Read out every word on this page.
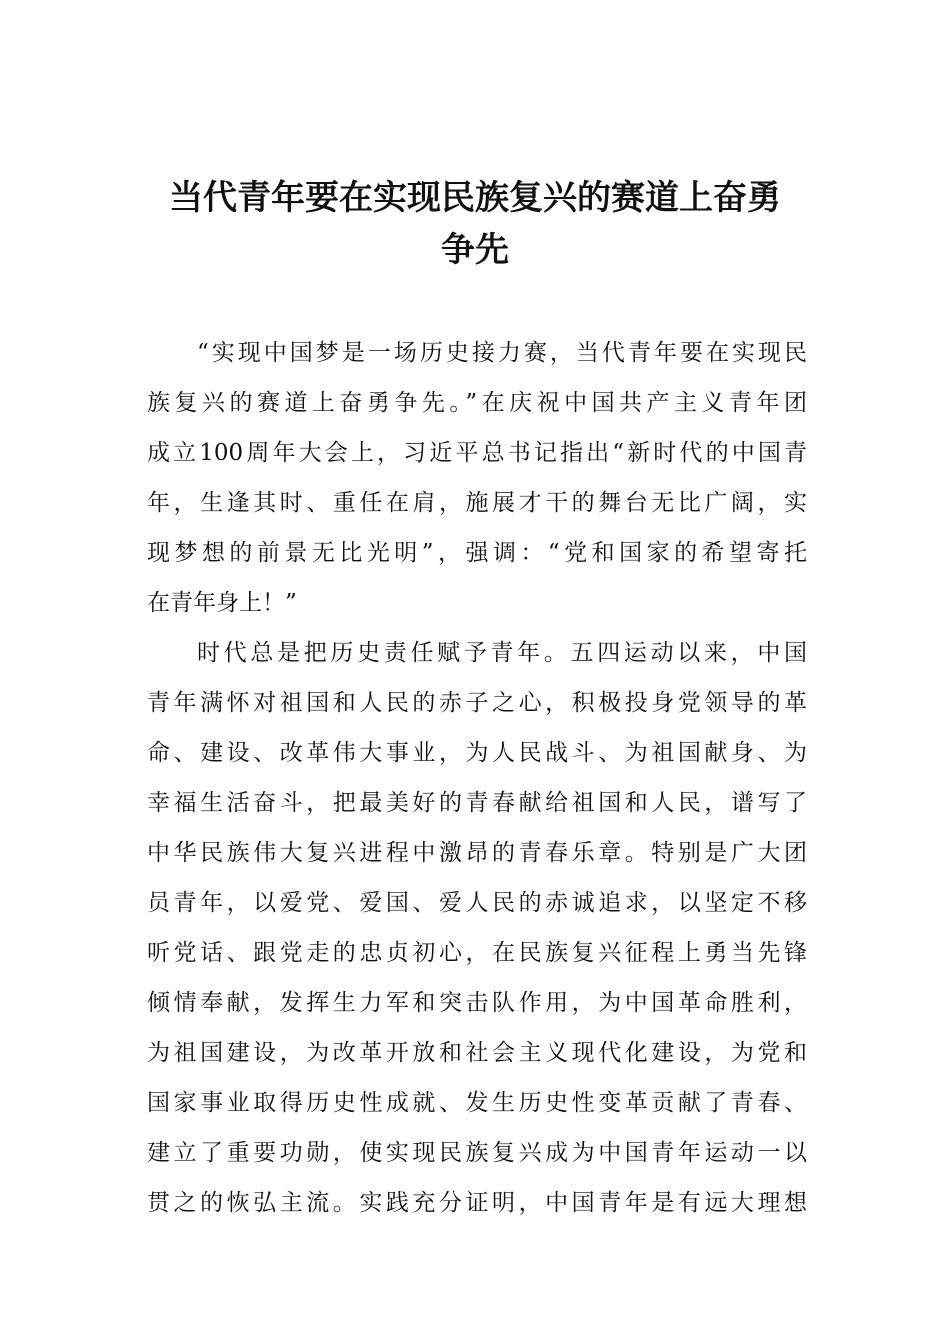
当代青年要在实现民族复兴的赛道上奋勇
争先
“实现中国梦是一场历史接力赛，当代青年要在实现民
族复兴的赛道上奋勇争先。”在庆祝中国共产主义青年团
成立100周年大会上，习近平总书记指出“新时代的中国青
年，生逢其时、重任在肩，施展才干的舞台无比广阔，实
现梦想的前景无比光明”，强调：“党和国家的希望寄托
在青年身上！”
时代总是把历史责任赋予青年。五四运动以来，中国
青年满怀对祖国和人民的赤子之心，积极投身党领导的革
命、建设、改革伟大事业，为人民战斗、为祖国献身、为
幸福生活奋斗，把最美好的青春献给祖国和人民，谱写了
中华民族伟大复兴进程中激昂的青春乐章。特别是广大团
员青年，以爱党、爱国、爱人民的赤诚追求，以坚定不移
听党话、跟党走的忠贞初心，在民族复兴征程上勇当先锋
倾情奉献，发挥生力军和突击队作用，为中国革命胜利，
为祖国建设，为改革开放和社会主义现代化建设，为党和
国家事业取得历史性成就、发生历史性变革贡献了青春、
建立了重要功勋，使实现民族复兴成为中国青年运动一以
贯之的恢弘主流。实践充分证明，中国青年是有远大理想
